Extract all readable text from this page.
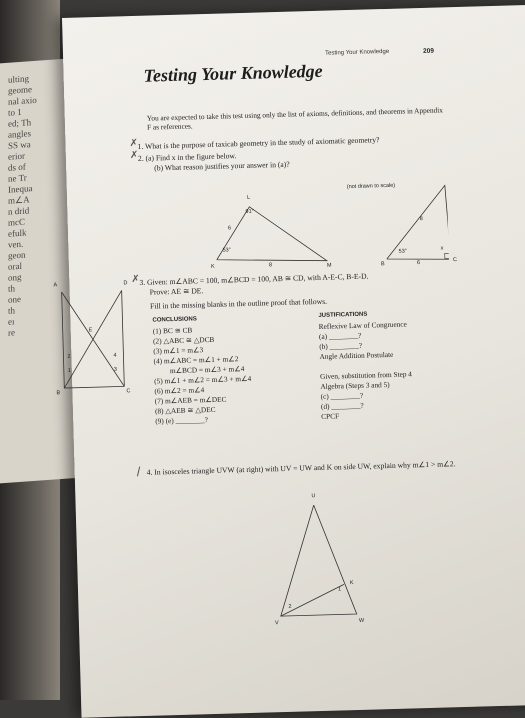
ulting
geome
nal axio
to 1
ed; Th
angles
SS wa
erior
ds of
ne Tr
Inequa
m∠A
n drid
mcC
efulk
ven.
geon
oral
ong
th
one
th
eı
re
Testing Your Knowledge	209
Testing Your Knowledge
You are expected to take this test using only the list of axioms, definitions, and theorems in Appendix F as references.
1. What is the purpose of taxicab geometry in the study of axiomatic geometry?
2. (a) Find x in the figure below.
(b) What reason justifies your answer in (a)?
(not drawn to scale)
L
91°
6
53°
K	8	M
8
53°	x
B	6	C
D
E
1
2
3
4
A
B	C
3. Given: m∠ABC = 100, m∠BCD = 100, AB ≅ CD, with A-E-C, B-E-D.
Prove: AE ≅ DE.
Fill in the missing blanks in the outline proof that follows.
CONCLUSIONS
JUSTIFICATIONS
(1) BC ≅ CB	Reflexive Law of Congruence
(2) △ABC ≅ △DCB	(a) ________?
(3) m∠1 = m∠3	(b) ________?
(4) m∠ABC = m∠1 + m∠2	Angle Addition Postulate
m∠BCD = m∠3 + m∠4
(5) m∠1 + m∠2 = m∠3 + m∠4	Given, substitution from Step 4
(6) m∠2 = m∠4	Algebra (Steps 3 and 5)
(7) m∠AEB = m∠DEC	(c) ________?
(8) △AEB ≅ △DEC	(d) ________?
(9) (e) ________?	CPCF
4. In isosceles triangle UVW (at right) with UV = UW and K on side UW, explain why m∠1 > m∠2.
U
V	W
K
1
2
✗
✗
✗
/
